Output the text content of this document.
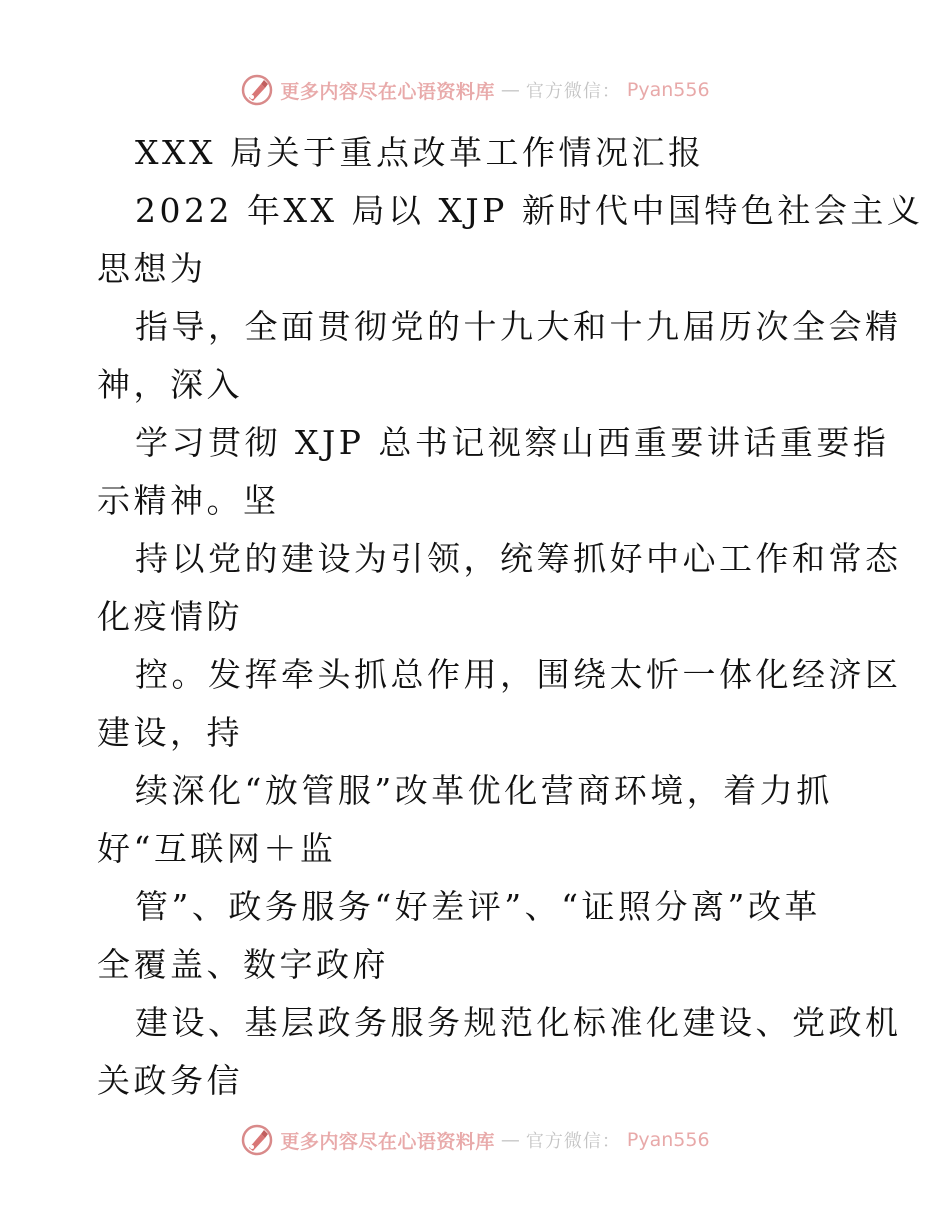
更多内容尽在心语资料库 — 官方微信： Pyan556
XXX 局关于重点改革工作情况汇报
2022 年XX 局以 XJP 新时代中国特色社会主义
思想为
指导，全面贯彻党的十九大和十九届历次全会精
神，深入
学习贯彻 XJP 总书记视察山西重要讲话重要指
示精神。坚
持以党的建设为引领，统筹抓好中心工作和常态
化疫情防
控。发挥牵头抓总作用，围绕太忻一体化经济区
建设，持
续深化“放管服”改革优化营商环境，着力抓
好“互联网＋监
管”、政务服务“好差评”、“证照分离”改革
全覆盖、数字政府
建设、基层政务服务规范化标准化建设、党政机
关政务信
更多内容尽在心语资料库 — 官方微信： Pyan556
